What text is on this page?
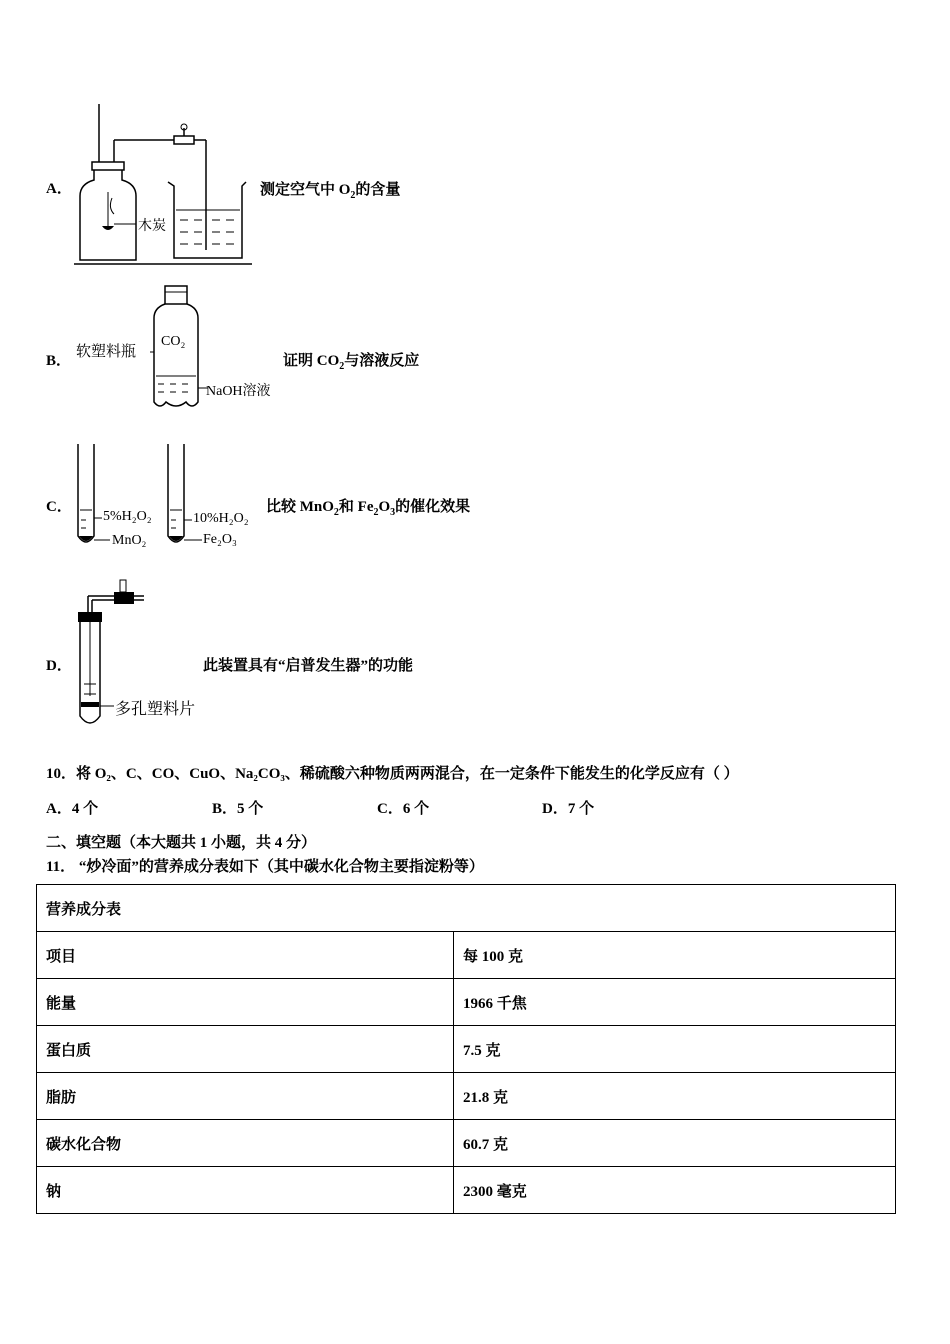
A．
木炭
测定空气中 $O_2$的含量
B．
软塑料瓶
CO₂
NaOH溶液
证明 $CO_2$与溶液反应
C．
5%H₂O₂
MnO₂
10%H₂O₂
Fe₂O₃
比较 MnO$_2$和 $Fe_2O_3$的催化效果
D．
多孔塑料片
此装置具有“启普发生器”的功能
10．将 O₂、C、CO、CuO、Na₂CO₃、稀硫酸六种物质两两混合，在一定条件下能发生的化学反应有（ ）
A．4 个	B．5 个	C．6 个	D．7 个
二、填空题（本大题共 1 小题，共 4 分）
11． “炒冷面”的营养成分表如下（其中碳水化合物主要指淀粉等）
营养成分表	
项目	每 100 克
能量	1966 千焦
蛋白质	7.5 克
脂肪	21.8 克
碳水化合物	60.7 克
钠	2300 毫克
